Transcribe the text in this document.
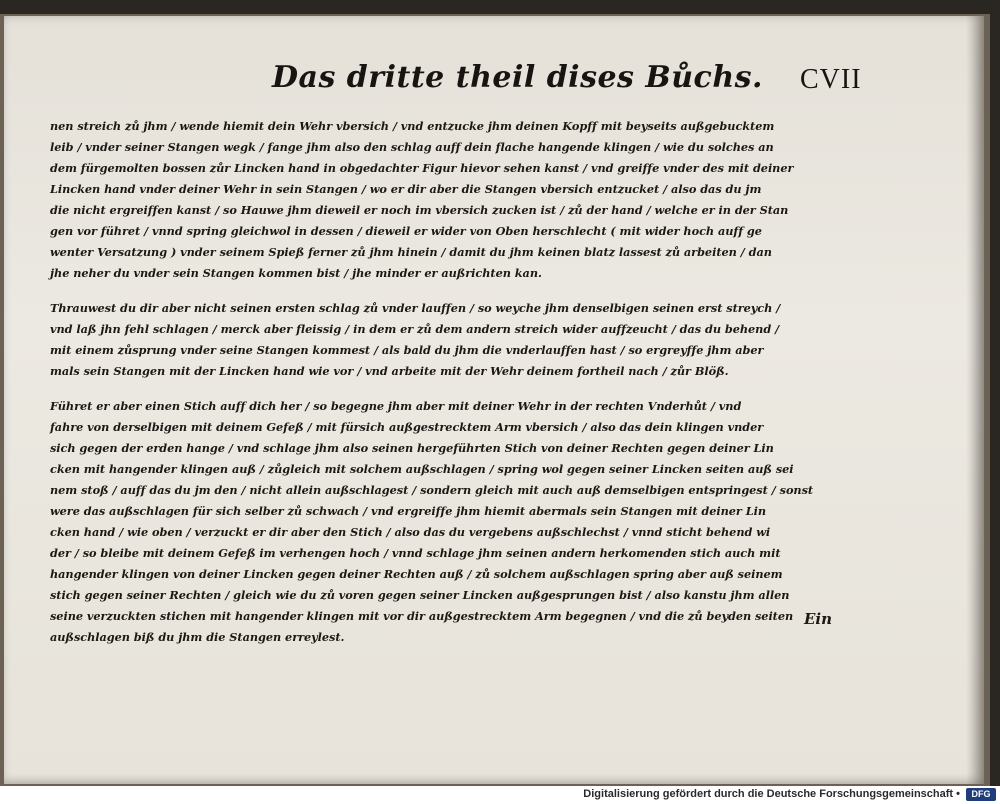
Das dritte theil dises Bůchs. CVII
nen streich zů jhm / wende hiemit dein Wehr vbersich / vnd entzucke jhm deinen Kopff mit beyseits außgebucktem
leib / vnder seiner Stangen wegk / fange jhm also den schlag auff dein flache hangende klingen / wie du solches an
dem fürgemolten bossen zůr Lincken hand in obgedachter Figur hievor sehen kanst / vnd greiffe vnder des mit deiner
Lincken hand vnder deiner Wehr in sein Stangen / wo er dir aber die Stangen vbersich entzucket / also das du jm
die nicht ergreiffen kanst / so Hauwe jhm dieweil er noch im vbersich zucken ist / zů der hand / welche er in der Stan
gen vor führet / vnnd spring gleichwol in dessen / dieweil er wider von Oben herschlecht ( mit wider hoch auff ge
wenter Versatzung ) vnder seinem Spieß ferner zů jhm hinein / damit du jhm keinen blatz lassest zů arbeiten / dan
jhe neher du vnder sein Stangen kommen bist / jhe minder er außrichten kan.
Thrauwest du dir aber nicht seinen ersten schlag zů vnder lauffen / so weyche jhm denselbigen seinen erst streych /
vnd laß jhn fehl schlagen / merck aber fleissig / in dem er zů dem andern streich wider auffzeucht / das du behend /
mit einem zůsprung vnder seine Stangen kommest / als bald du jhm die vnderlauffen hast / so ergreyffe jhm aber
mals sein Stangen mit der Lincken hand wie vor / vnd arbeite mit der Wehr deinem fortheil nach / zůr Blöß.
Führet er aber einen Stich auff dich her / so begegne jhm aber mit deiner Wehr in der rechten Vnderhůt / vnd
fahre von derselbigen mit deinem Gefeß / mit fürsich außgestrecktem Arm vbersich / also das dein klingen vnder
sich gegen der erden hange / vnd schlage jhm also seinen hergeführten Stich von deiner Rechten gegen deiner Lin
cken mit hangender klingen auß / zůgleich mit solchem außschlagen / spring wol gegen seiner Lincken seiten auß sei
nem stoß / auff das du jm den / nicht allein außschlagest / sondern gleich mit auch auß demselbigen entspringest / sonst
were das außschlagen für sich selber zů schwach / vnd ergreiffe jhm hiemit abermals sein Stangen mit deiner Lin
cken hand / wie oben / verzuckt er dir aber den Stich / also das du vergebens außschlechst / vnnd sticht behend wi
der / so bleibe mit deinem Gefeß im verhengen hoch / vnnd schlage jhm seinen andern herkomenden stich auch mit
hangender klingen von deiner Lincken gegen deiner Rechten auß / zů solchem außschlagen spring aber auß seinem
stich gegen seiner Rechten / gleich wie du zů voren gegen seiner Lincken außgesprungen bist / also kanstu jhm allen
seine verzuckten stichen mit hangender klingen mit vor dir außgestrecktem Arm begegnen / vnd die zů beyden seiten
außschlagen biß du jhm die Stangen erreylest.
Ein
Digitalisierung gefördert durch die Deutsche Forschungsgemeinschaft •	DFG
